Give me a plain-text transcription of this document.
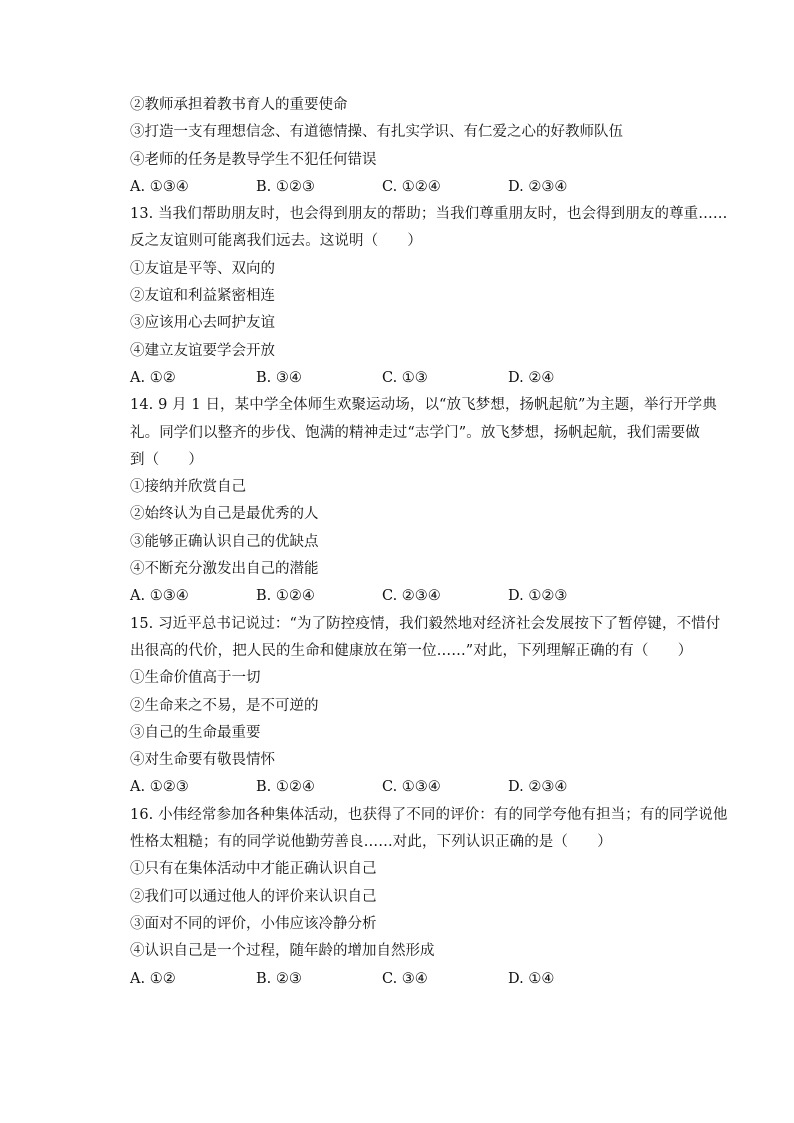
②教师承担着教书育人的重要使命
③打造一支有理想信念、有道德情操、有扎实学识、有仁爱之心的好教师队伍
④老师的任务是教导学生不犯任何错误
A. ①③④	B. ①②③	C. ①②④	D. ②③④
13. 当我们帮助朋友时，也会得到朋友的帮助；当我们尊重朋友时，也会得到朋友的尊重……
反之友谊则可能离我们远去。这说明（　　）
①友谊是平等、双向的
②友谊和利益紧密相连
③应该用心去呵护友谊
④建立友谊要学会开放
A. ①②	B. ③④	C. ①③	D. ②④
14. 9 月 1 日，某中学全体师生欢聚运动场，以“放飞梦想，扬帆起航”为主题，举行开学典
礼。同学们以整齐的步伐、饱满的精神走过“志学门”。放飞梦想，扬帆起航，我们需要做
到（　　）
①接纳并欣赏自己
②始终认为自己是最优秀的人
③能够正确认识自己的优缺点
④不断充分激发出自己的潜能
A. ①③④	B. ①②④	C. ②③④	D. ①②③
15. 习近平总书记说过：“为了防控疫情，我们毅然地对经济社会发展按下了暂停键，不惜付
出很高的代价，把人民的生命和健康放在第一位……”对此，下列理解正确的有（　　）
①生命价值高于一切
②生命来之不易，是不可逆的
③自己的生命最重要
④对生命要有敬畏情怀
A. ①②③	B. ①②④	C. ①③④	D. ②③④
16. 小伟经常参加各种集体活动，也获得了不同的评价：有的同学夸他有担当；有的同学说他
性格太粗糙；有的同学说他勤劳善良……对此，下列认识正确的是（　　）
①只有在集体活动中才能正确认识自己
②我们可以通过他人的评价来认识自己
③面对不同的评价，小伟应该冷静分析
④认识自己是一个过程，随年龄的增加自然形成
A. ①②	B. ②③	C. ③④	D. ①④
